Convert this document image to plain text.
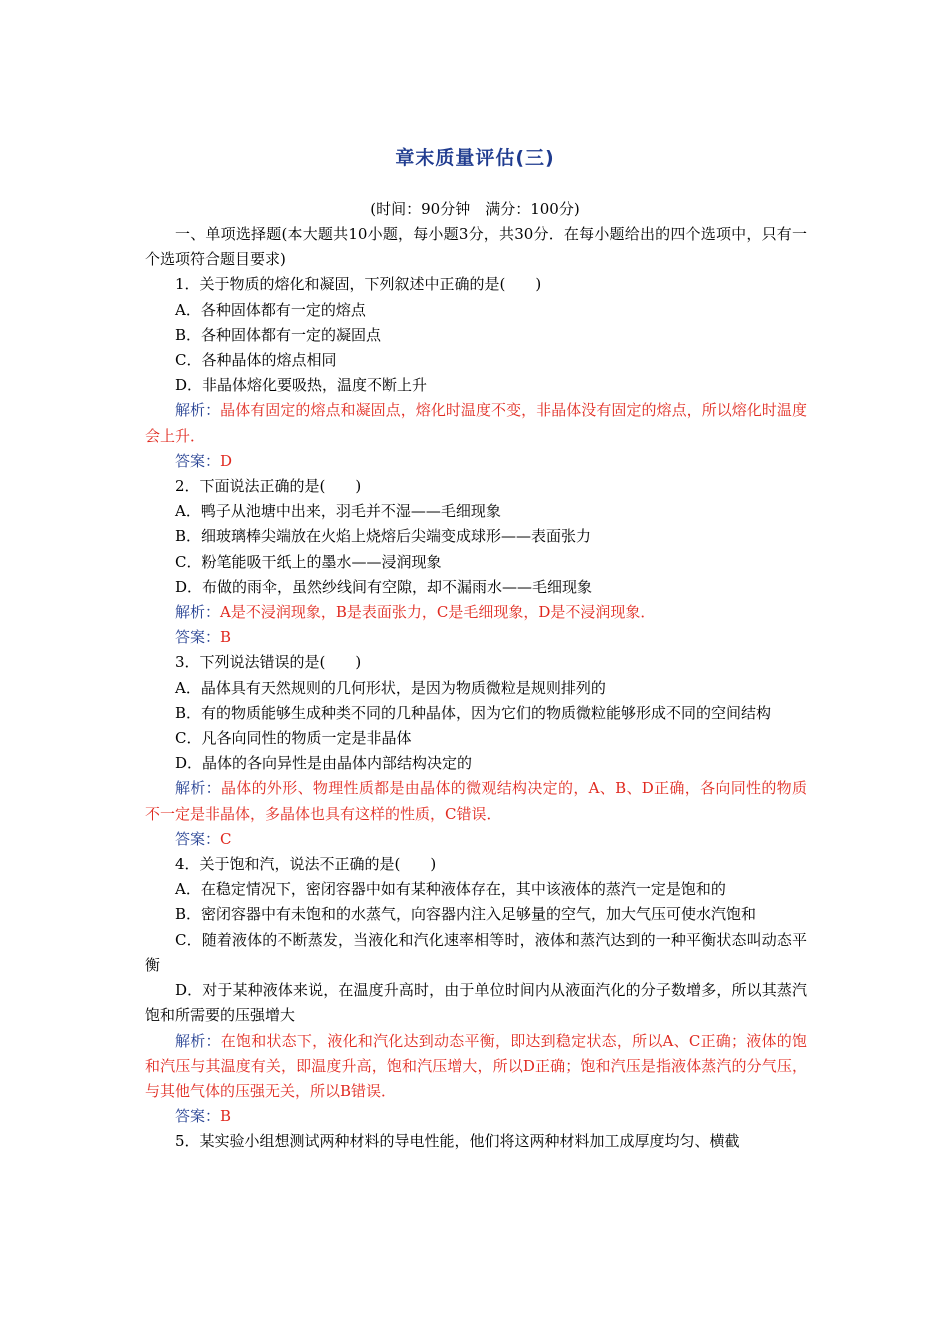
章末质量评估(三)
(时间：90分钟　满分：100分)

一、单项选择题(本大题共10小题，每小题3分，共30分．在每小题给出的四个选项中，只有一个选项符合题目要求)

1．关于物质的熔化和凝固，下列叙述中正确的是(　　)

A．各种固体都有一定的熔点

B．各种固体都有一定的凝固点

C．各种晶体的熔点相同

D．非晶体熔化要吸热，温度不断上升

解析：晶体有固定的熔点和凝固点，熔化时温度不变，非晶体没有固定的熔点，所以熔化时温度会上升．

答案：D

2．下面说法正确的是(　　)

A．鸭子从池塘中出来，羽毛并不湿——毛细现象

B．细玻璃棒尖端放在火焰上烧熔后尖端变成球形——表面张力

C．粉笔能吸干纸上的墨水——浸润现象

D．布做的雨伞，虽然纱线间有空隙，却不漏雨水——毛细现象

解析：A是不浸润现象，B是表面张力，C是毛细现象，D是不浸润现象．

答案：B

3．下列说法错误的是(　　)

A．晶体具有天然规则的几何形状，是因为物质微粒是规则排列的

B．有的物质能够生成种类不同的几种晶体，因为它们的物质微粒能够形成不同的空间结构

C．凡各向同性的物质一定是非晶体

D．晶体的各向异性是由晶体内部结构决定的

解析：晶体的外形、物理性质都是由晶体的微观结构决定的，A、B、D正确，各向同性的物质不一定是非晶体，多晶体也具有这样的性质，C错误．

答案：C

4．关于饱和汽，说法不正确的是(　　)

A．在稳定情况下，密闭容器中如有某种液体存在，其中该液体的蒸汽一定是饱和的

B．密闭容器中有未饱和的水蒸气，向容器内注入足够量的空气，加大气压可使水汽饱和

C．随着液体的不断蒸发，当液化和汽化速率相等时，液体和蒸汽达到的一种平衡状态叫动态平衡

D．对于某种液体来说，在温度升高时，由于单位时间内从液面汽化的分子数增多，所以其蒸汽饱和所需要的压强增大

解析：在饱和状态下，液化和汽化达到动态平衡，即达到稳定状态，所以A、C正确；液体的饱和汽压与其温度有关，即温度升高，饱和汽压增大，所以D正确；饱和汽压是指液体蒸汽的分气压，与其他气体的压强无关，所以B错误．

答案：B

5．某实验小组想测试两种材料的导电性能，他们将这两种材料加工成厚度均匀、横截
